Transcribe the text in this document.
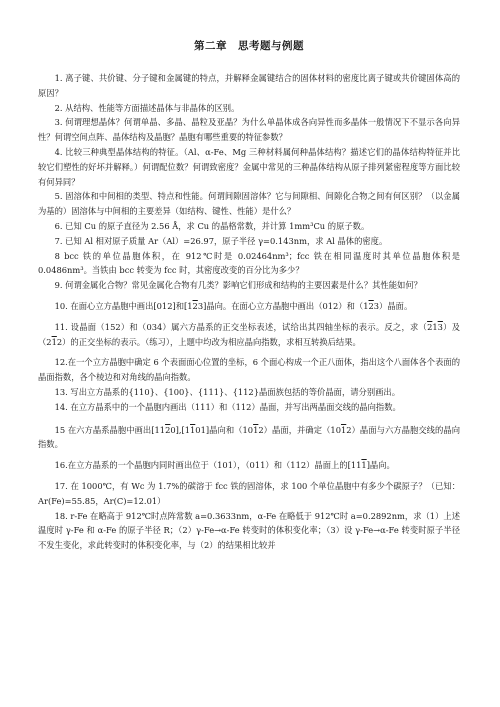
第二章　思考题与例题

1. 离子键、共价键、分子键和金属键的特点，并解释金属键结合的固体材料的密度比离子键或共价键固体高的原因？

2. 从结构、性能等方面描述晶体与非晶体的区别。

3. 何谓理想晶体？何谓单晶、多晶、晶粒及亚晶？为什么单晶体成各向异性而多晶体一般情况下不显示各向异性？何谓空间点阵、晶体结构及晶胞？晶胞有哪些重要的特征参数？

4. 比较三种典型晶体结构的特征。（Al、α-Fe、Mg 三种材料属何种晶体结构？描述它们的晶体结构特征并比较它们塑性的好坏并解释。）何谓配位数？何谓致密度？金属中常见的三种晶体结构从原子排列紧密程度等方面比较有何异同？

5. 固溶体和中间相的类型、特点和性能。何谓间隙固溶体？它与间隙相、间隙化合物之间有何区别？（以金属为基的）固溶体与中间相的主要差异（如结构、键性、性能）是什么？

6. 已知 Cu 的原子直径为 2.56 Å，求 Cu 的晶格常数，并计算 1mm³Cu 的原子数。

7. 已知 Al 相对原子质量 Ar（Al）=26.97，原子半径 γ=0.143nm，求 Al 晶体的密度。

8 bcc 铁的单位晶胞体积，在 912℃时是 0.02464nm³；fcc 铁在相同温度时其单位晶胞体积是 0.0486nm³。当铁由 bcc 转变为 fcc 时，其密度改变的百分比为多少？

9. 何谓金属化合物？常见金属化合物有几类？影响它们形成和结构的主要因素是什么？其性能如何？

10. 在面心立方晶胞中画出[012]和[123]晶向。在面心立方晶胞中画出（012）和（123）晶面。

11. 设晶面（152）和（034）属六方晶系的正交坐标表述，试给出其四轴坐标的表示。反之，求（213）及（212）的正交坐标的表示。（练习），上题中均改为相应晶向指数，求相互转换后结果。

12.在一个立方晶胞中确定 6 个表面面心位置的坐标，6 个面心构成一个正八面体，指出这个八面体各个表面的晶面指数，各个棱边和对角线的晶向指数。

13. 写出立方晶系的{110}、{100}、{111}、{112}晶面族包括的等价晶面，请分别画出。

14. 在立方晶系中的一个晶胞内画出（111）和（112）晶面，并写出两晶面交线的晶向指数。

15 在六方晶系晶胞中画出[1120],[1101]晶向和（1012）晶面，并确定（1012）晶面与六方晶胞交线的晶向指数。

16.在立方晶系的一个晶胞内同时画出位于（101），（011）和（112）晶面上的[111]晶向。

17. 在 1000℃，有 Wc 为 1.7%的碳溶于 fcc 铁的固溶体，求 100 个单位晶胞中有多少个碳原子？（已知：Ar(Fe)=55.85，Ar(C)=12.01）

18. r-Fe 在略高于 912℃时点阵常数 a=0.3633nm，α-Fe 在略低于 912℃时 a=0.2892nm，求（1）上述温度时 γ-Fe 和 α-Fe 的原子半径 R；（2）γ-Fe→α-Fe 转变时的体积变化率；（3）设 γ-Fe→α-Fe 转变时原子半径不发生变化，求此转变时的体积变化率，与（2）的结果相比较并
